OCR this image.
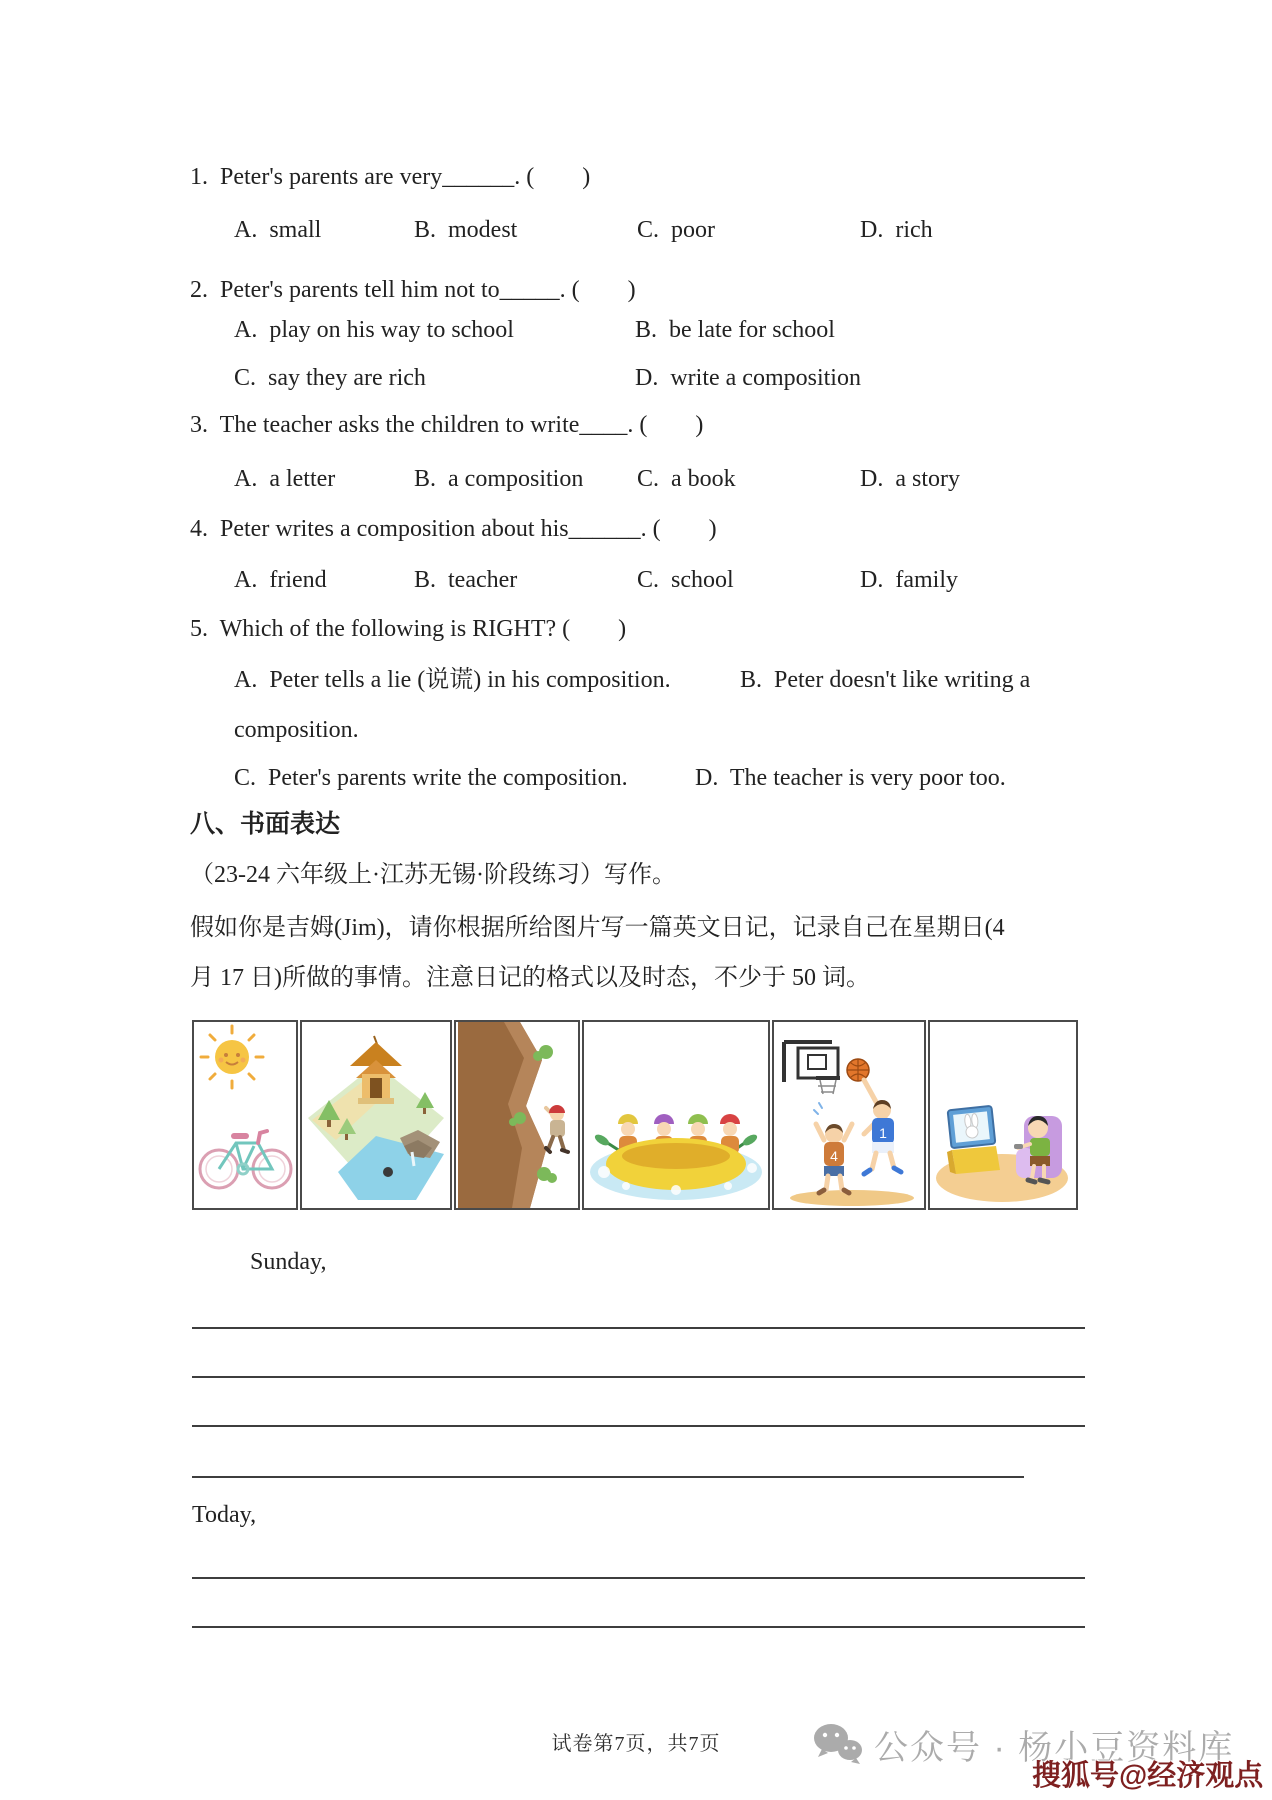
1.  Peter's parents are very______. (        )
A.  small	B.  modest	C.  poor	D.  rich
2.  Peter's parents tell him not to_____. (        )
A.  play on his way to school	B.  be late for school
C.  say they are rich	D.  write a composition
3.  The teacher asks the children to write____. (        )
A.  a letter	B.  a composition C.  a book	D.  a story
4.  Peter writes a composition about his______. (        )
A.  friend	B.  teacher	C.  school	D.  family
5.  Which of the following is RIGHT? (        )
A.  Peter tells a lie (说谎) in his composition.	B.  Peter doesn't like writing a
composition.
C.  Peter's parents write the composition.	D.  The teacher is very poor too.
八、书面表达
（23-24 六年级上·江苏无锡·阶段练习）写作。
假如你是吉姆(Jim)，请你根据所给图片写一篇英文日记，记录自己在星期日(4
月 17 日)所做的事情。注意日记的格式以及时态，不少于 50 词。
1
4
Sunday,
Today,
试卷第7页，共7页	公众号 · 杨小豆资料库
搜狐号@经济观点
